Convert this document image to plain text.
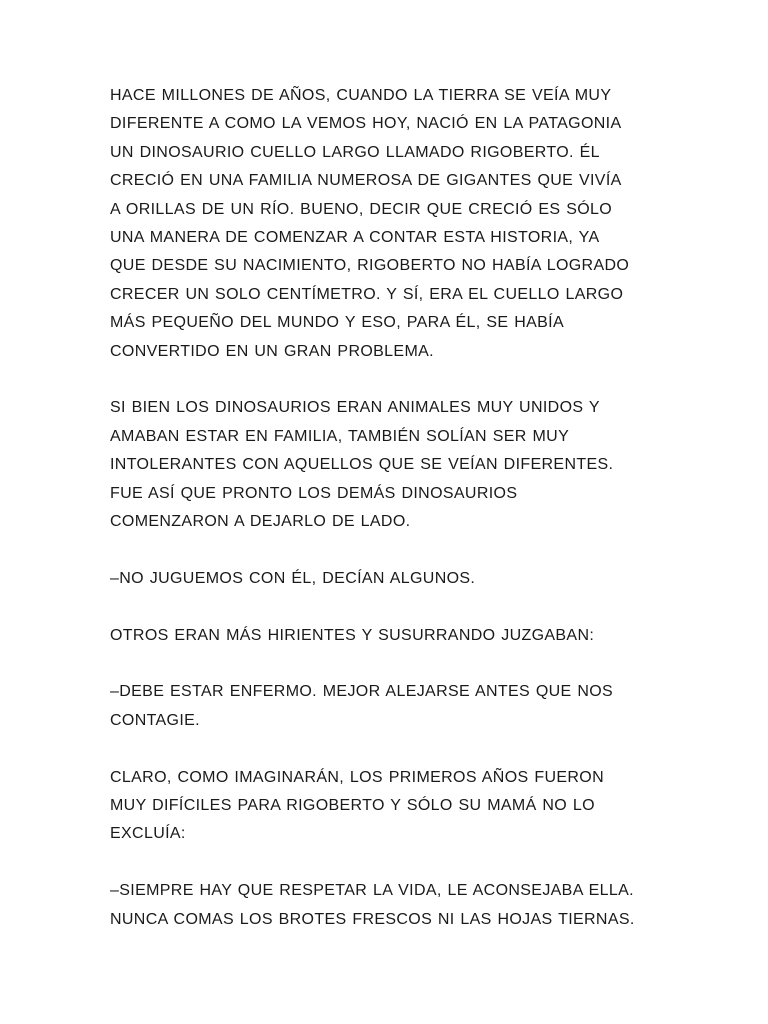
HACE MILLONES DE AÑOS, CUANDO LA TIERRA SE VEÍA MUY
DIFERENTE A COMO LA VEMOS HOY, NACIÓ EN LA PATAGONIA
UN DINOSAURIO CUELLO LARGO LLAMADO RIGOBERTO. ÉL
CRECIÓ EN UNA FAMILIA NUMEROSA DE GIGANTES QUE VIVÍA
A ORILLAS DE UN RÍO. BUENO, DECIR QUE CRECIÓ ES SÓLO
UNA MANERA DE COMENZAR A CONTAR ESTA HISTORIA, YA
QUE DESDE SU NACIMIENTO, RIGOBERTO NO HABÍA LOGRADO
CRECER UN SOLO CENTÍMETRO. Y SÍ, ERA EL CUELLO LARGO
MÁS PEQUEÑO DEL MUNDO Y ESO, PARA ÉL, SE HABÍA
CONVERTIDO EN UN GRAN PROBLEMA.

SI BIEN LOS DINOSAURIOS ERAN ANIMALES MUY UNIDOS Y
AMABAN ESTAR EN FAMILIA, TAMBIÉN SOLÍAN SER MUY
INTOLERANTES CON AQUELLOS QUE SE VEÍAN DIFERENTES.
FUE ASÍ QUE PRONTO LOS DEMÁS DINOSAURIOS
COMENZARON A DEJARLO DE LADO.

–NO JUGUEMOS CON ÉL, DECÍAN ALGUNOS.

OTROS ERAN MÁS HIRIENTES Y SUSURRANDO JUZGABAN:

–DEBE ESTAR ENFERMO. MEJOR ALEJARSE ANTES QUE NOS
CONTAGIE.

CLARO, COMO IMAGINARÁN, LOS PRIMEROS AÑOS FUERON
MUY DIFÍCILES PARA RIGOBERTO Y SÓLO SU MAMÁ NO LO
EXCLUÍA:

–SIEMPRE HAY QUE RESPETAR LA VIDA, LE ACONSEJABA ELLA.
NUNCA COMAS LOS BROTES FRESCOS NI LAS HOJAS TIERNAS.
